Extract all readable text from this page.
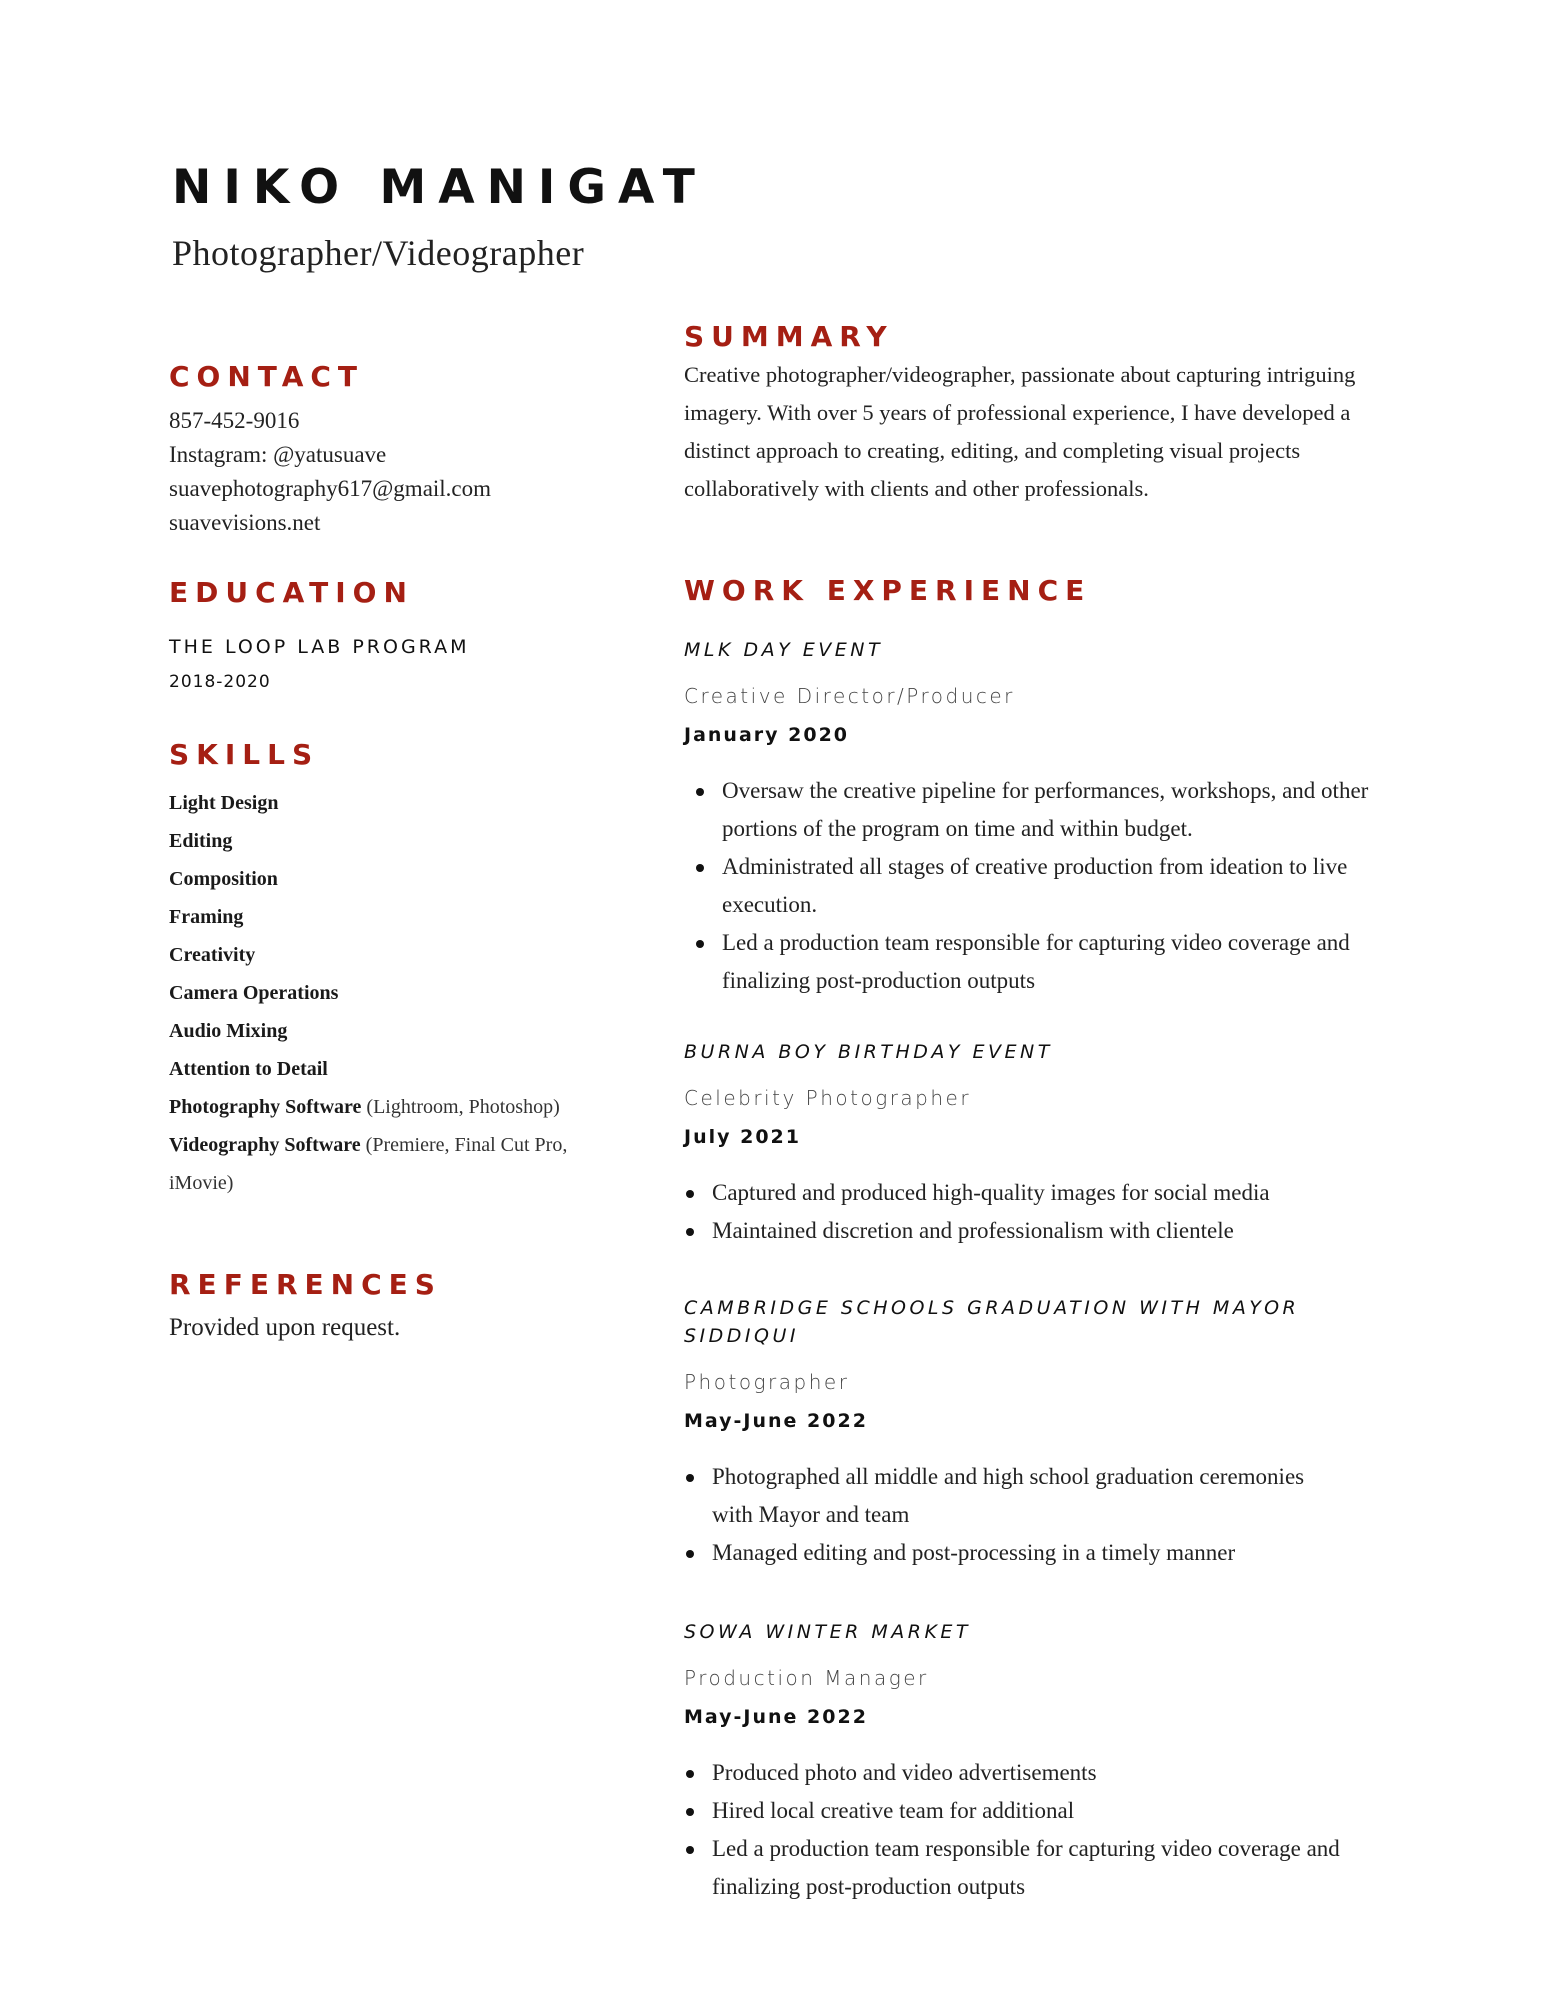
NIKO MANIGAT

Photographer/Videographer

CONTACT
857-452-9016
Instagram: @yatusuave
suavephotography617@gmail.com
suavevisions.net
EDUCATION

THE LOOP LAB PROGRAM

2018-2020

SKILLS
Light Design
Editing
Composition
Framing
Creativity
Camera Operations
Audio Mixing
Attention to Detail
Photography Software (Lightroom, Photoshop)
Videography Software (Premiere, Final Cut Pro, iMovie)
REFERENCES

Provided upon request.

SUMMARY

Creative photographer/videographer, passionate about capturing intriguing imagery. With over 5 years of professional experience, I have developed a distinct approach to creating, editing, and completing visual projects collaboratively with clients and other professionals.

WORK EXPERIENCE

MLK DAY EVENT

Creative Director/Producer

January 2020

Oversaw the creative pipeline for performances, workshops, and other portions of the program on time and within budget.
Administrated all stages of creative production from ideation to live execution.
Led a production team responsible for capturing video coverage and finalizing post-production outputs

BURNA BOY BIRTHDAY EVENT

Celebrity Photographer

July 2021

Captured and produced high-quality images for social media
Maintained discretion and professionalism with clientele

CAMBRIDGE SCHOOLS GRADUATION WITH MAYOR SIDDIQUI

Photographer

May-June 2022

Photographed all middle and high school graduation ceremonies with Mayor and team
Managed editing and post-processing in a timely manner

SOWA WINTER MARKET

Production Manager

May-June 2022

Produced photo and video advertisements
Hired local creative team for additional
Led a production team responsible for capturing video coverage and finalizing post-production outputs
